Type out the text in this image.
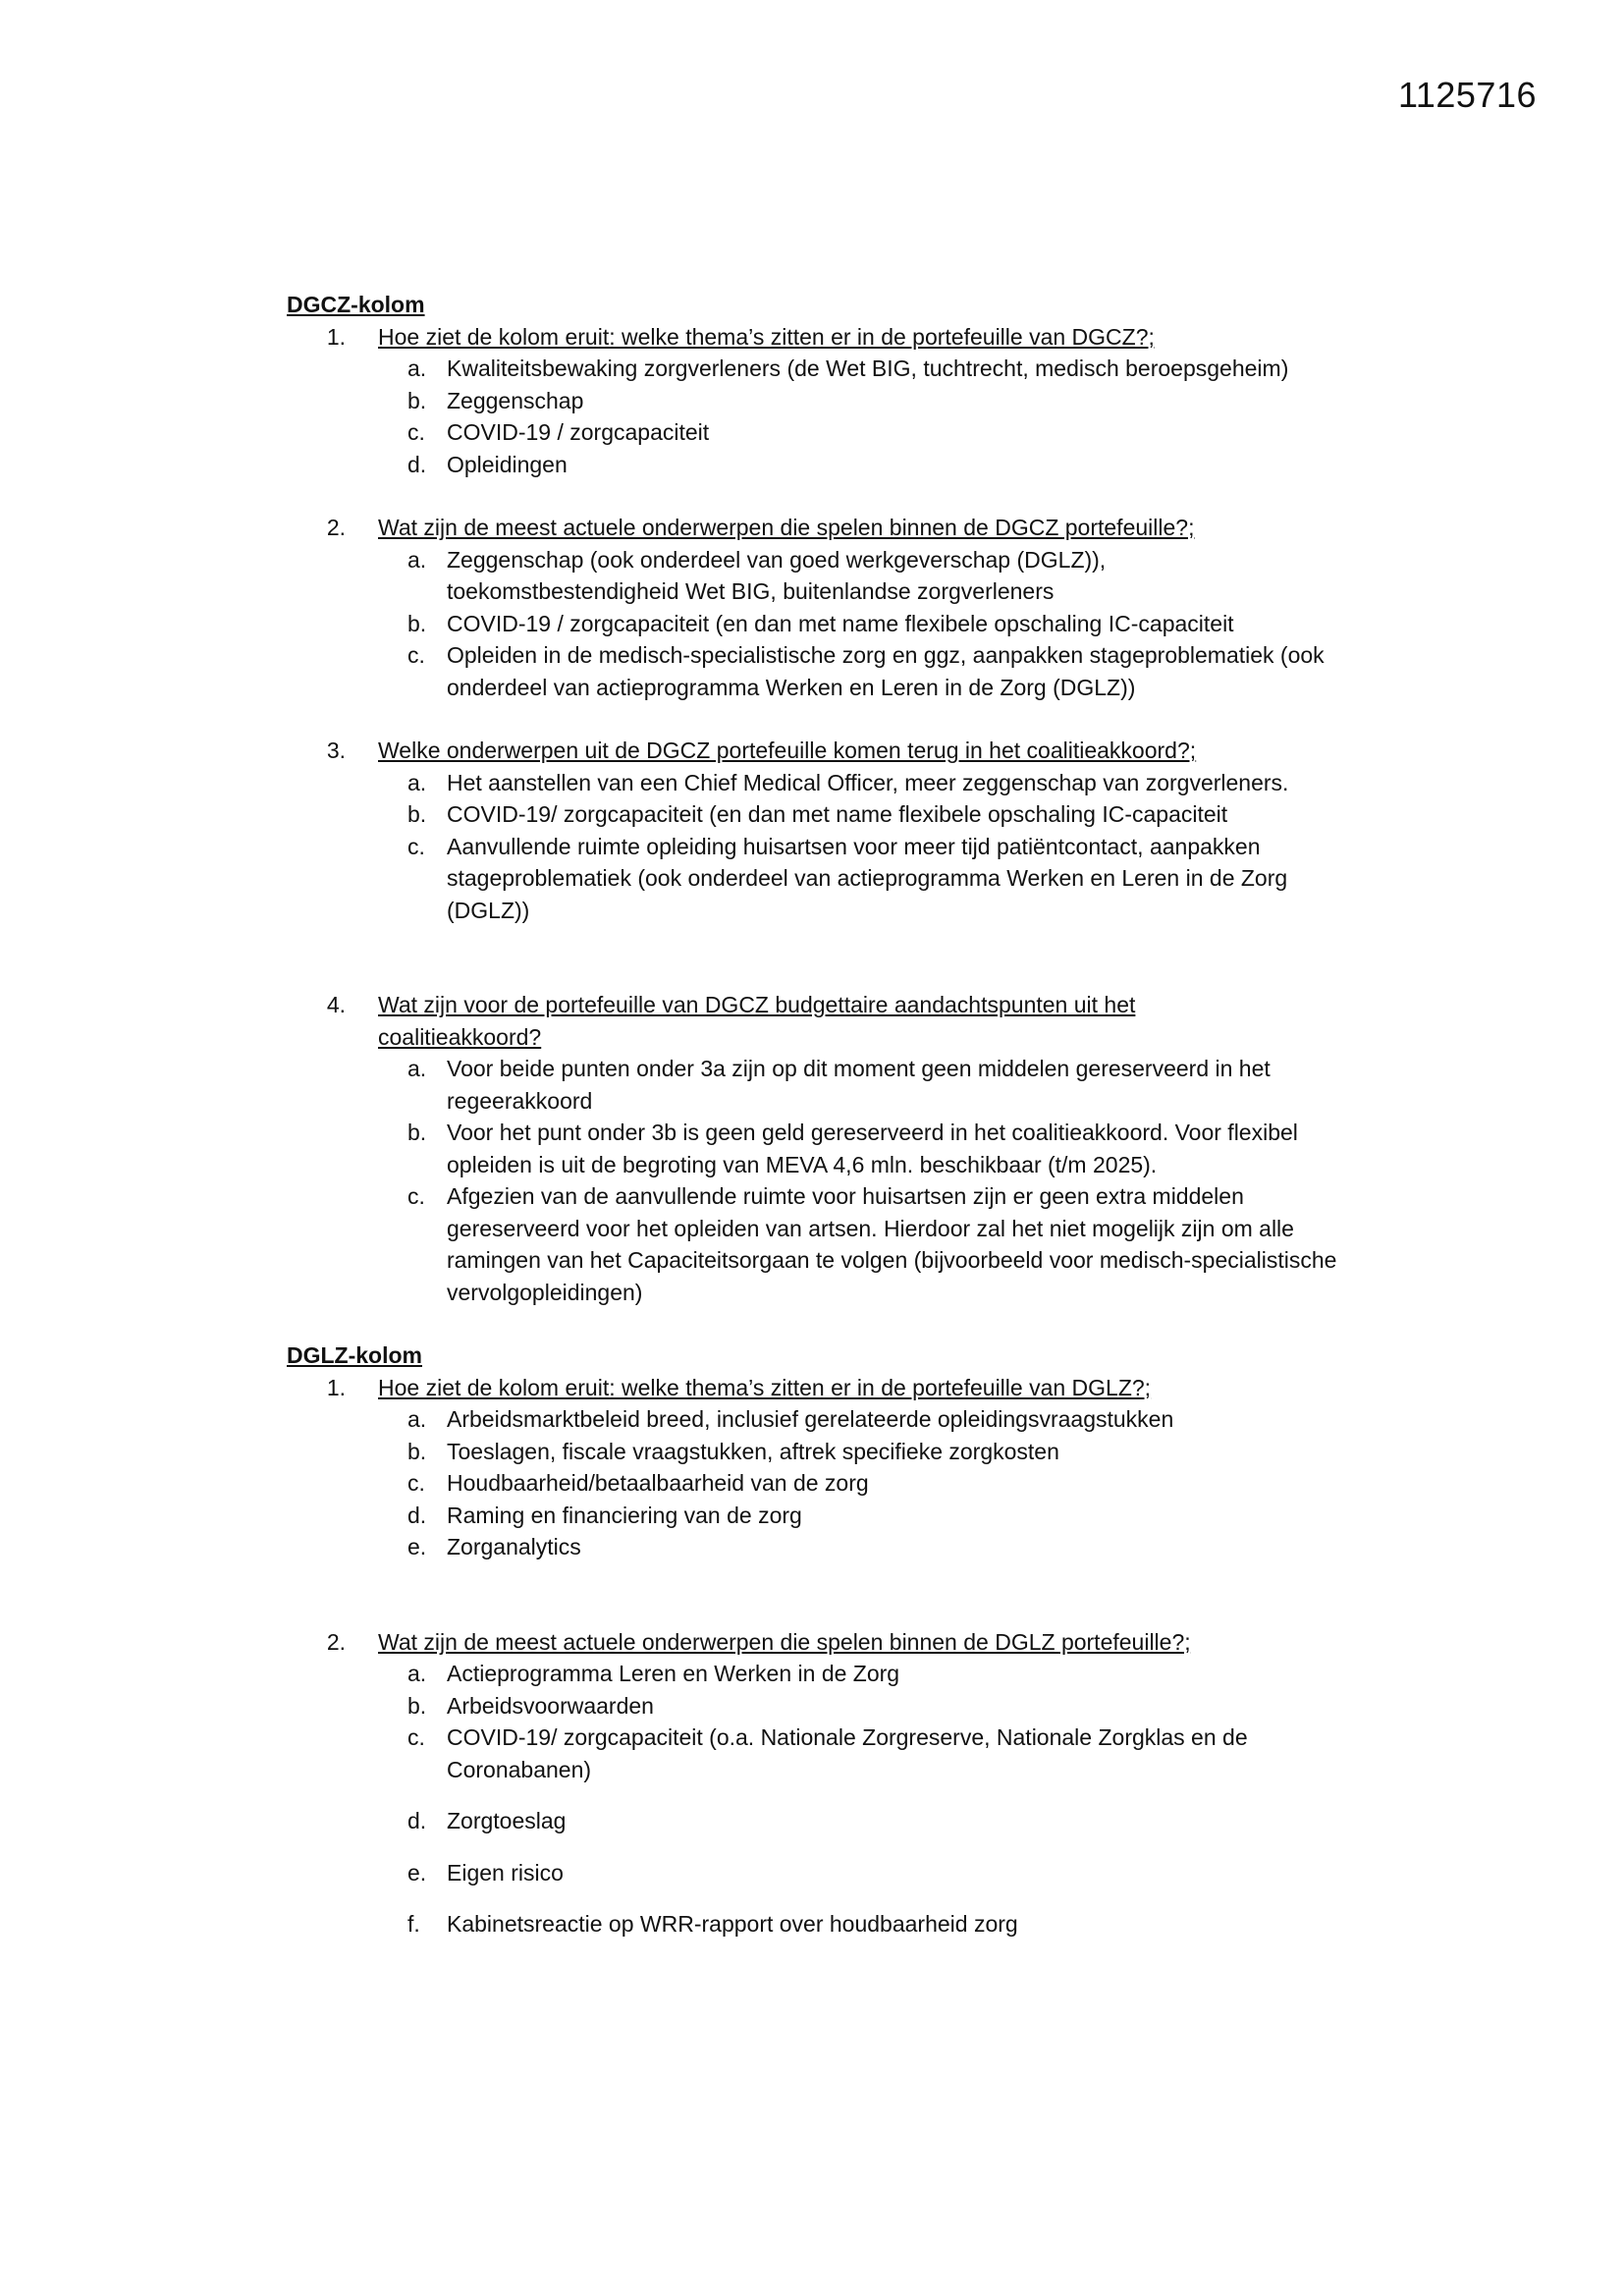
1125716
DGCZ-kolom
1. Hoe ziet de kolom eruit: welke thema’s zitten er in de portefeuille van DGCZ?;
a. Kwaliteitsbewaking zorgverleners (de Wet BIG, tuchtrecht, medisch beroepsgeheim)
b. Zeggenschap
c. COVID-19 / zorgcapaciteit
d. Opleidingen
2. Wat zijn de meest actuele onderwerpen die spelen binnen de DGCZ portefeuille?;
a. Zeggenschap (ook onderdeel van goed werkgeverschap (DGLZ)), toekomstbestendigheid Wet BIG, buitenlandse zorgverleners
b. COVID-19 / zorgcapaciteit (en dan met name flexibele opschaling IC-capaciteit
c. Opleiden in de medisch-specialistische zorg en ggz, aanpakken stageproblematiek (ook onderdeel van actieprogramma Werken en Leren in de Zorg (DGLZ))
3. Welke onderwerpen uit de DGCZ portefeuille komen terug in het coalitieakkoord?;
a. Het aanstellen van een Chief Medical Officer, meer zeggenschap van zorgverleners.
b. COVID-19/ zorgcapaciteit (en dan met name flexibele opschaling IC-capaciteit
c. Aanvullende ruimte opleiding huisartsen voor meer tijd patiëntcontact, aanpakken stageproblematiek (ook onderdeel van actieprogramma Werken en Leren in de Zorg (DGLZ))
4. Wat zijn voor de portefeuille van DGCZ budgettaire aandachtspunten uit het coalitieakkoord?
a. Voor beide punten onder 3a zijn op dit moment geen middelen gereserveerd in het regeerakkoord
b. Voor het punt onder 3b is geen geld gereserveerd in het coalitieakkoord. Voor flexibel opleiden is uit de begroting van MEVA 4,6 mln. beschikbaar (t/m 2025).
c. Afgezien van de aanvullende ruimte voor huisartsen zijn er geen extra middelen gereserveerd voor het opleiden van artsen. Hierdoor zal het niet mogelijk zijn om alle ramingen van het Capaciteitsorgaan te volgen (bijvoorbeeld voor medisch-specialistische vervolgopleidingen)
DGLZ-kolom
1. Hoe ziet de kolom eruit: welke thema’s zitten er in de portefeuille van DGLZ?;
a. Arbeidsmarktbeleid breed, inclusief gerelateerde opleidingsvraagstukken
b. Toeslagen, fiscale vraagstukken, aftrek specifieke zorgkosten
c. Houdbaarheid/betaalbaarheid van de zorg
d. Raming en financiering van de zorg
e. Zorganalytics
2. Wat zijn de meest actuele onderwerpen die spelen binnen de DGLZ portefeuille?;
a. Actieprogramma Leren en Werken in de Zorg
b. Arbeidsvoorwaarden
c. COVID-19/ zorgcapaciteit (o.a. Nationale Zorgreserve, Nationale Zorgklas en de Coronabanen)
d. Zorgtoeslag
e. Eigen risico
f.	Kabinetsreactie op WRR-rapport over houdbaarheid zorg
